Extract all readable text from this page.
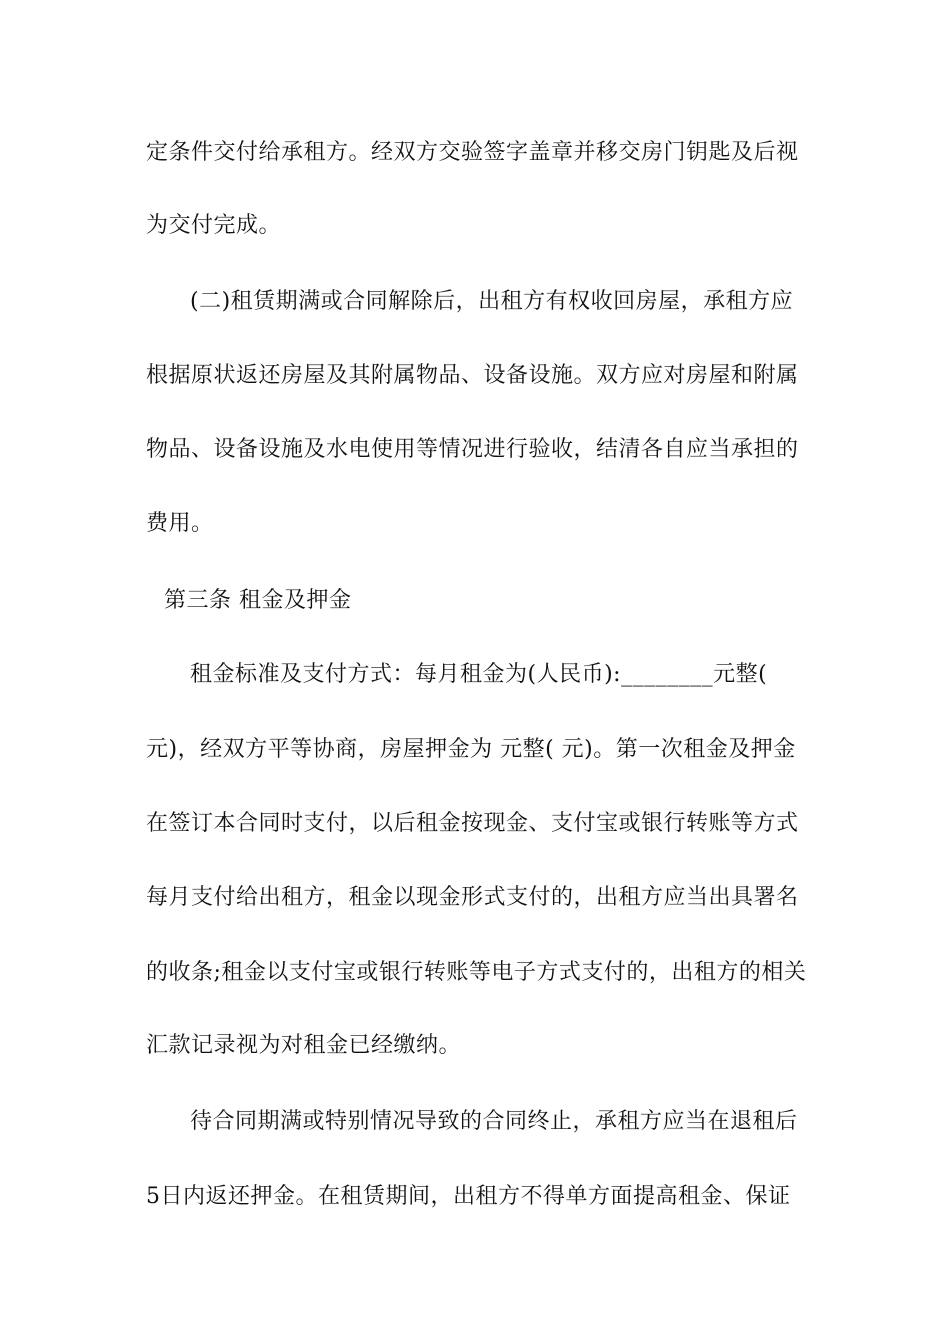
定条件交付给承租方。经双方交验签字盖章并移交房门钥匙及后视
为交付完成。
(二)租赁期满或合同解除后，出租方有权收回房屋，承租方应
根据原状返还房屋及其附属物品、设备设施。双方应对房屋和附属
物品、设备设施及水电使用等情况进行验收，结清各自应当承担的
费用。
第三条 租金及押金
租金标准及支付方式：每月租金为(人民币):________元整(
元)，经双方平等协商，房屋押金为 元整( 元)。第一次租金及押金
在签订本合同时支付，以后租金按现金、支付宝或银行转账等方式
每月支付给出租方，租金以现金形式支付的，出租方应当出具署名
的收条;租金以支付宝或银行转账等电子方式支付的，出租方的相关
汇款记录视为对租金已经缴纳。
待合同期满或特别情况导致的合同终止，承租方应当在退租后
5日内返还押金。在租赁期间，出租方不得单方面提高租金、保证
